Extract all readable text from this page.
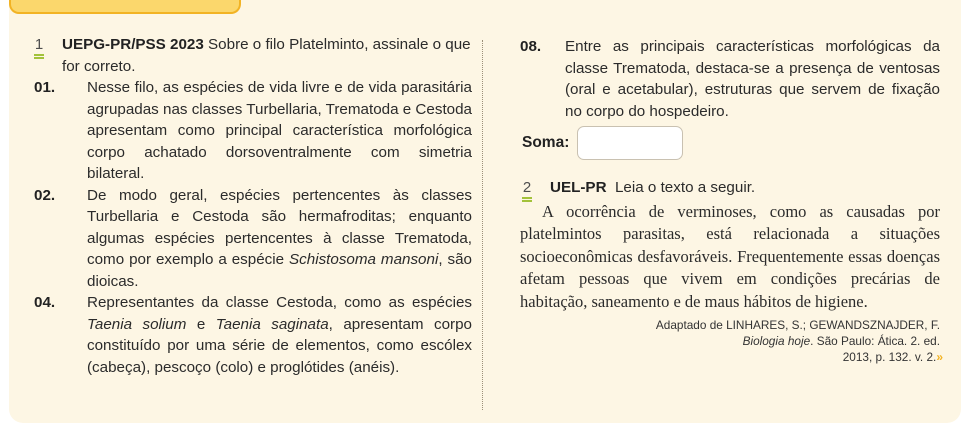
1 UEPG-PR/PSS 2023 Sobre o filo Platelminto, assinale o que for correto.
01. Nesse filo, as espécies de vida livre e de vida parasitária agrupadas nas classes Turbellaria, Trematoda e Cestoda apresentam como principal característica morfológica corpo achatado dorsoventralmente com simetria bilateral.
02. De modo geral, espécies pertencentes às classes Turbellaria e Cestoda são hermafroditas; enquanto algumas espécies pertencentes à classe Trematoda, como por exemplo a espécie Schistosoma mansoni, são dioicas.
04. Representantes da classe Cestoda, como as espécies Taenia solium e Taenia saginata, apresentam corpo constituído por uma série de elementos, como escólex (cabeça), pescoço (colo) e proglótides (anéis).
08. Entre as principais características morfológicas da classe Trematoda, destaca-se a presença de ventosas (oral e acetabular), estruturas que servem de fixação no corpo do hospedeiro.
Soma:
2 UEL-PR Leia o texto a seguir.
A ocorrência de verminoses, como as causadas por platelmintos parasitas, está relacionada a situações socioeconômicas desfavoráveis. Frequentemente essas doenças afetam pessoas que vivem em condições precárias de habitação, saneamento e de maus hábitos de higiene.
Adaptado de LINHARES, S.; GEWANDSZNAJDER, F.
Biologia hoje. São Paulo: Ática. 2. ed.
2013, p. 132. v. 2.»
